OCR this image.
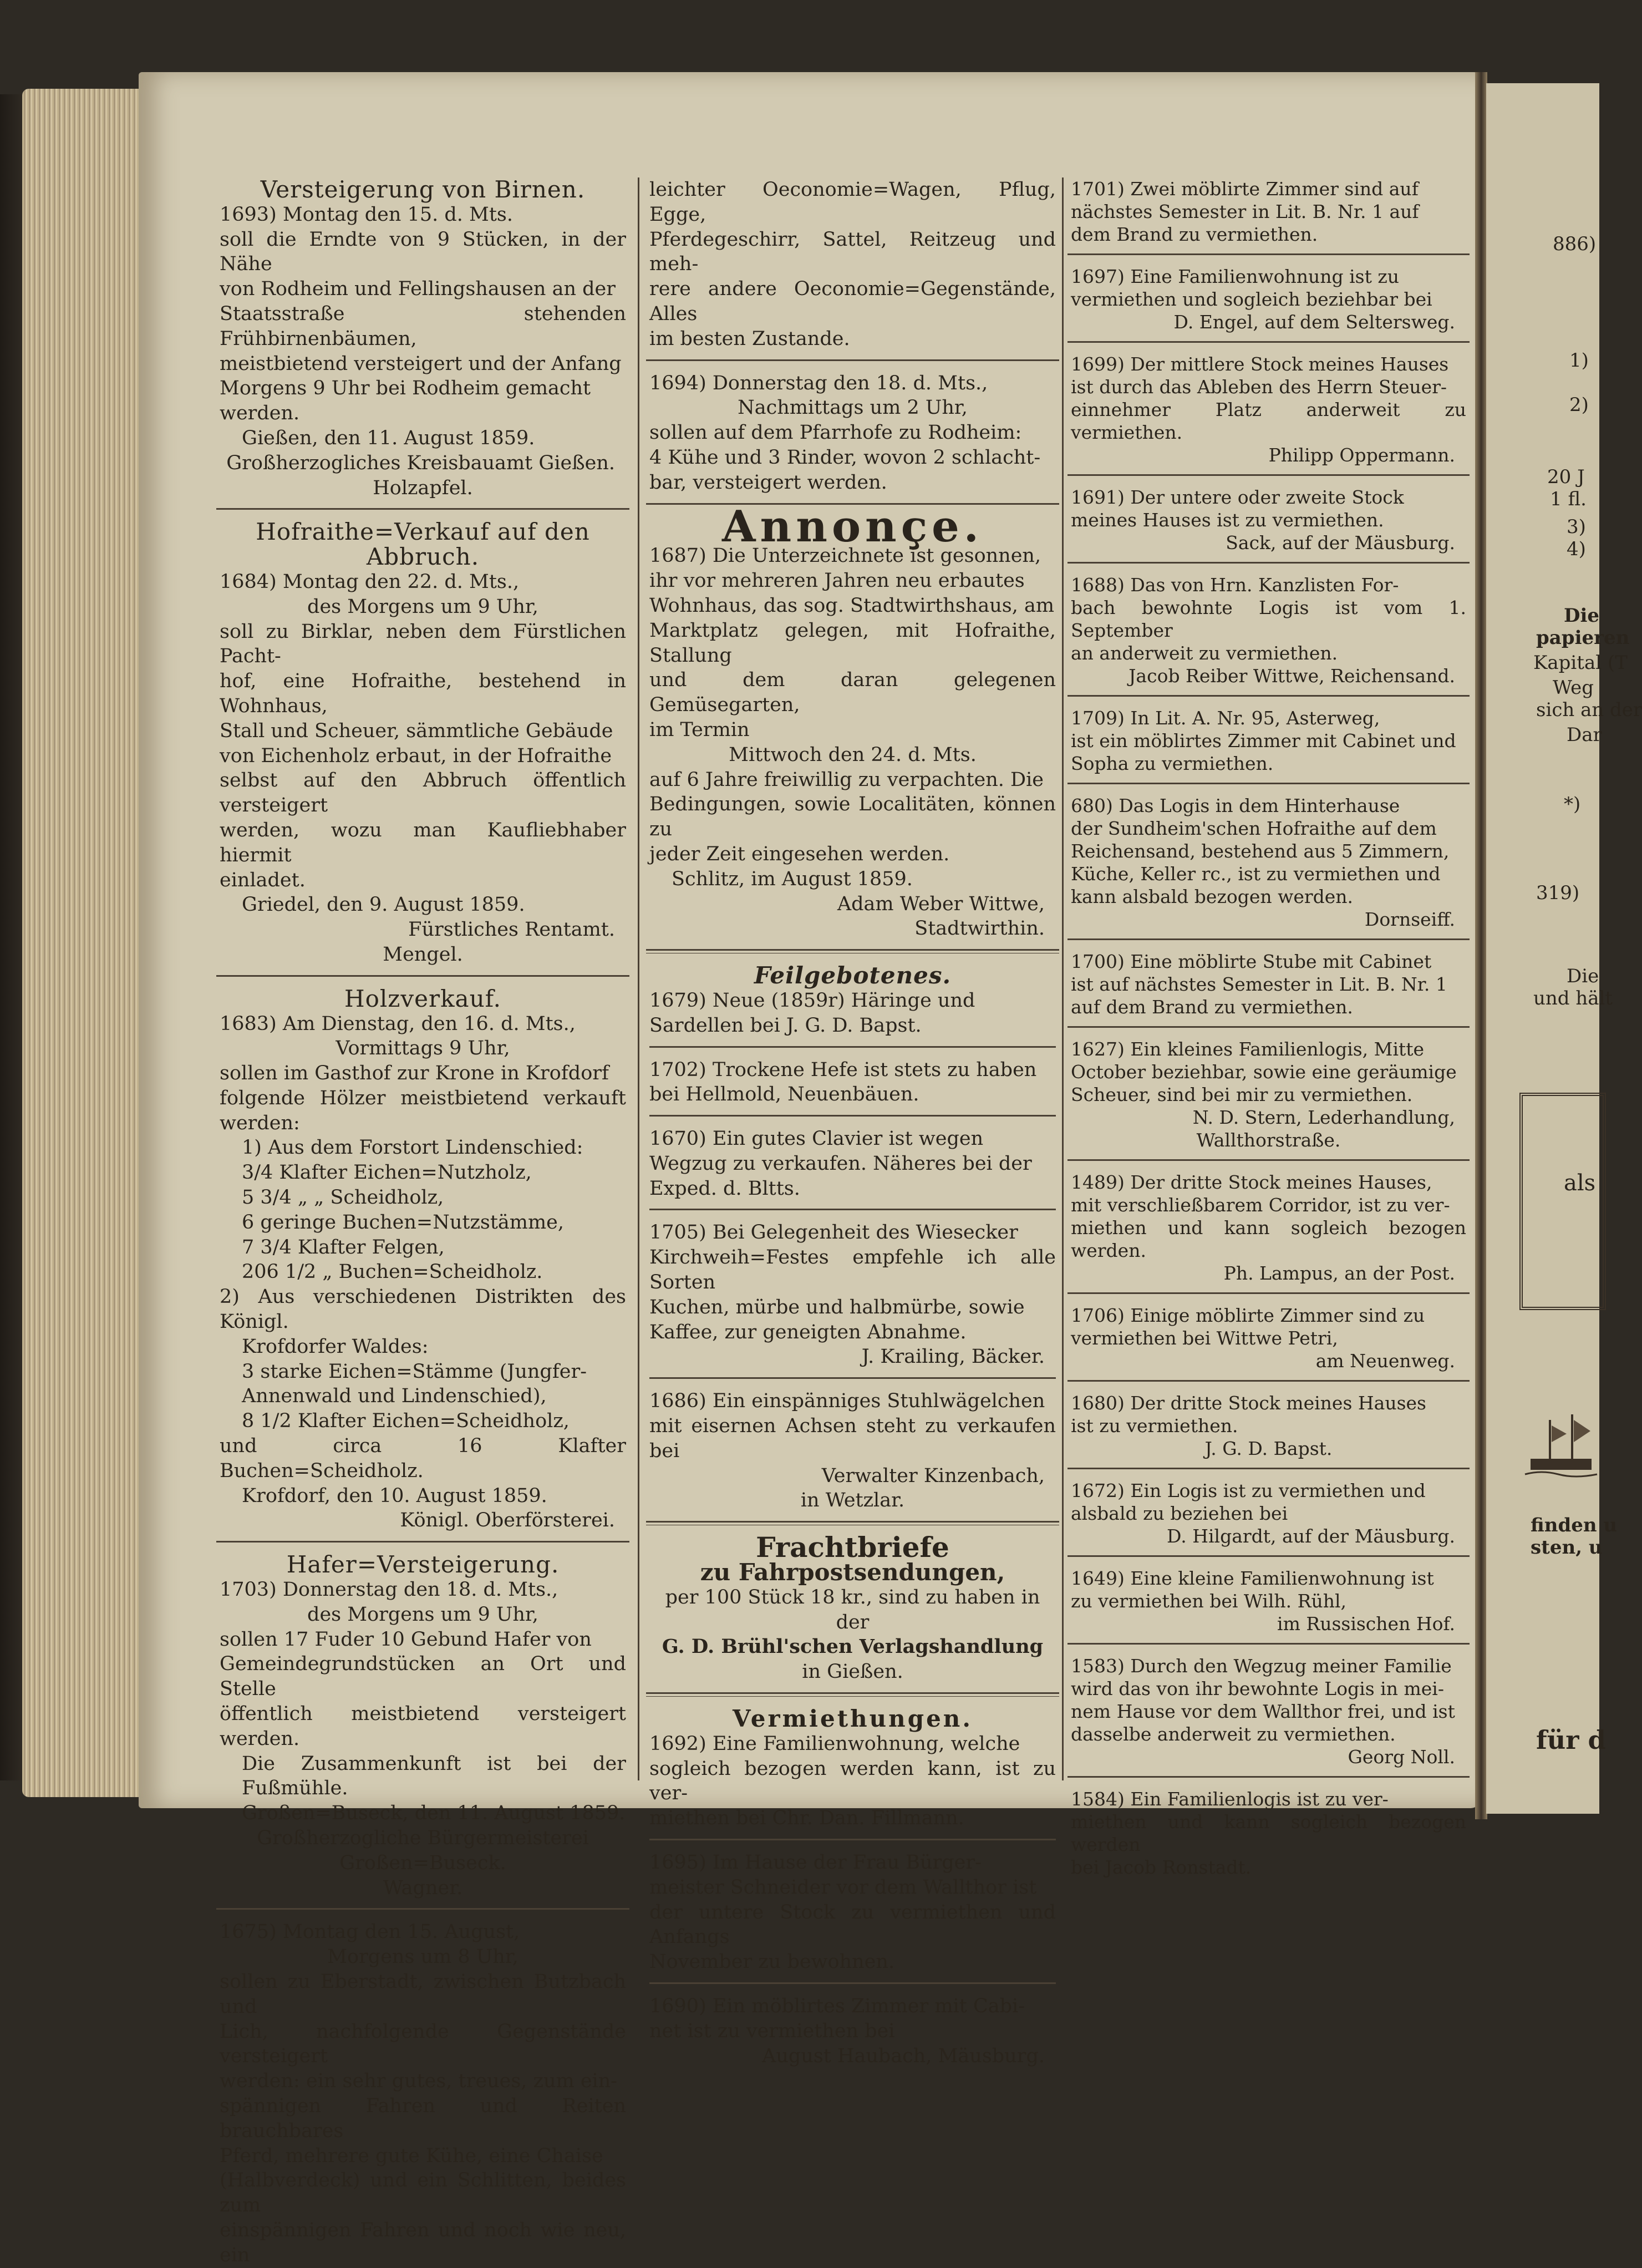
886)
1)
2)
20 J
1 fl.
3)
4)
Die
papieren
Kapital (T
Weg
sich an der
Dar
*)
319)
Die
und hält
als
finden u
sten, u
für d
Versteigerung von Birnen.

1693) Montag den 15. d. Mts.

soll die Erndte von 9 Stücken, in der Nähe

von Rodheim und Fellingshausen an der

Staatsstraße stehenden Frühbirnenbäumen,

meistbietend versteigert und der Anfang

Morgens 9 Uhr bei Rodheim gemacht

werden.

Gießen, den 11. August 1859.

Großherzogliches Kreisbauamt Gießen.

Holzapfel.

Hofraithe=Verkauf auf den Abbruch.

1684) Montag den 22. d. Mts.,

des Morgens um 9 Uhr,

soll zu Birklar, neben dem Fürstlichen Pacht-

hof, eine Hofraithe, bestehend in Wohnhaus,

Stall und Scheuer, sämmtliche Gebäude

von Eichenholz erbaut, in der Hofraithe

selbst auf den Abbruch öffentlich versteigert

werden, wozu man Kaufliebhaber hiermit

einladet.

Griedel, den 9. August 1859.

Fürstliches Rentamt.

Mengel.

Holzverkauf.

1683) Am Dienstag, den 16. d. Mts.,

Vormittags 9 Uhr,

sollen im Gasthof zur Krone in Krofdorf

folgende Hölzer meistbietend verkauft werden:

1) Aus dem Forstort Lindenschied:

3/4 Klafter Eichen=Nutzholz,

5 3/4 „ „ Scheidholz,

6 geringe Buchen=Nutzstämme,

7 3/4 Klafter Felgen,

206 1/2 „ Buchen=Scheidholz.

2) Aus verschiedenen Distrikten des Königl.

Krofdorfer Waldes:

3 starke Eichen=Stämme (Jungfer-

Annenwald und Lindenschied),

8 1/2 Klafter Eichen=Scheidholz,

und circa 16 Klafter Buchen=Scheidholz.

Krofdorf, den 10. August 1859.

Königl. Oberförsterei.

Hafer=Versteigerung.

1703) Donnerstag den 18. d. Mts.,

des Morgens um 9 Uhr,

sollen 17 Fuder 10 Gebund Hafer von

Gemeindegrundstücken an Ort und Stelle

öffentlich meistbietend versteigert werden.

Die Zusammenkunft ist bei der Fußmühle.

Großen=Buseck, den 11. August 1859.

Großherzogliche Bürgermeisterei

Großen=Buseck.

Wagner.

1675) Montag den 15. August,

Morgens um 8 Uhr,

sollen zu Eberstadt, zwischen Butzbach und

Lich, nachfolgende Gegenstände versteigert

werden: ein sehr gutes, treues, zum ein-

spännigen Fahren und Reiten brauchbares

Pferd, mehrere gute Kühe, eine Chaise

(Halbverdeck) und ein Schlitten, beides zum

einspännigen Fahren und noch wie neu, ein

leichter Oeconomie=Wagen, Pflug, Egge,

Pferdegeschirr, Sattel, Reitzeug und meh-

rere andere Oeconomie=Gegenstände, Alles

im besten Zustande.

1694) Donnerstag den 18. d. Mts.,

Nachmittags um 2 Uhr,

sollen auf dem Pfarrhofe zu Rodheim:

4 Kühe und 3 Rinder, wovon 2 schlacht-

bar, versteigert werden.

Annonçe.

1687) Die Unterzeichnete ist gesonnen,

ihr vor mehreren Jahren neu erbautes

Wohnhaus, das sog. Stadtwirthshaus, am

Marktplatz gelegen, mit Hofraithe, Stallung

und dem daran gelegenen Gemüsegarten,

im Termin

Mittwoch den 24. d. Mts.

auf 6 Jahre freiwillig zu verpachten. Die

Bedingungen, sowie Localitäten, können zu

jeder Zeit eingesehen werden.

Schlitz, im August 1859.

Adam Weber Wittwe,

Stadtwirthin.

Feilgebotenes.

1679) Neue (1859r) Häringe und

Sardellen bei J. G. D. Bapst.

1702) Trockene Hefe ist stets zu haben

bei Hellmold, Neuenbäuen.

1670) Ein gutes Clavier ist wegen

Wegzug zu verkaufen. Näheres bei der

Exped. d. Bltts.

1705) Bei Gelegenheit des Wiesecker

Kirchweih=Festes empfehle ich alle Sorten

Kuchen, mürbe und halbmürbe, sowie

Kaffee, zur geneigten Abnahme.

J. Krailing, Bäcker.

1686) Ein einspänniges Stuhlwägelchen

mit eisernen Achsen steht zu verkaufen bei

Verwalter Kinzenbach,

in Wetzlar.

Frachtbriefe

zu Fahrpostsendungen,

per 100 Stück 18 kr., sind zu haben in der

G. D. Brühl'schen Verlagshandlung

in Gießen.

Vermiethungen.

1692) Eine Familienwohnung, welche

sogleich bezogen werden kann, ist zu ver-

miethen bei Chr. Dan. Fillmann.

1695) Im Hause der Frau Bürger-

meister Schneider vor dem Wallthor ist

der untere Stock zu vermiethen und Anfangs

November zu bewohnen.

1690) Ein möblirtes Zimmer mit Cabi-

net ist zu vermiethen bei

August Haubach, Mäusburg.

1701) Zwei möblirte Zimmer sind auf

nächstes Semester in Lit. B. Nr. 1 auf

dem Brand zu vermiethen.

1697) Eine Familienwohnung ist zu

vermiethen und sogleich beziehbar bei

D. Engel, auf dem Seltersweg.

1699) Der mittlere Stock meines Hauses

ist durch das Ableben des Herrn Steuer-

einnehmer Platz anderweit zu vermiethen.

Philipp Oppermann.

1691) Der untere oder zweite Stock

meines Hauses ist zu vermiethen.

Sack, auf der Mäusburg.

1688) Das von Hrn. Kanzlisten For-

bach bewohnte Logis ist vom 1. September

an anderweit zu vermiethen.

Jacob Reiber Wittwe, Reichensand.

1709) In Lit. A. Nr. 95, Asterweg,

ist ein möblirtes Zimmer mit Cabinet und

Sopha zu vermiethen.

680) Das Logis in dem Hinterhause

der Sundheim'schen Hofraithe auf dem

Reichensand, bestehend aus 5 Zimmern,

Küche, Keller rc., ist zu vermiethen und

kann alsbald bezogen werden.

Dornseiff.

1700) Eine möblirte Stube mit Cabinet

ist auf nächstes Semester in Lit. B. Nr. 1

auf dem Brand zu vermiethen.

1627) Ein kleines Familienlogis, Mitte

October beziehbar, sowie eine geräumige

Scheuer, sind bei mir zu vermiethen.

N. D. Stern, Lederhandlung,

Wallthorstraße.

1489) Der dritte Stock meines Hauses,

mit verschließbarem Corridor, ist zu ver-

miethen und kann sogleich bezogen werden.

Ph. Lampus, an der Post.

1706) Einige möblirte Zimmer sind zu

vermiethen bei Wittwe Petri,

am Neuenweg.

1680) Der dritte Stock meines Hauses

ist zu vermiethen.

J. G. D. Bapst.

1672) Ein Logis ist zu vermiethen und

alsbald zu beziehen bei

D. Hilgardt, auf der Mäusburg.

1649) Eine kleine Familienwohnung ist

zu vermiethen bei Wilh. Rühl,

im Russischen Hof.

1583) Durch den Wegzug meiner Familie

wird das von ihr bewohnte Logis in mei-

nem Hause vor dem Wallthor frei, und ist

dasselbe anderweit zu vermiethen.

Georg Noll.

1584) Ein Familienlogis ist zu ver-

miethen und kann sogleich bezogen werden

bei Jacob Ronstadt.
